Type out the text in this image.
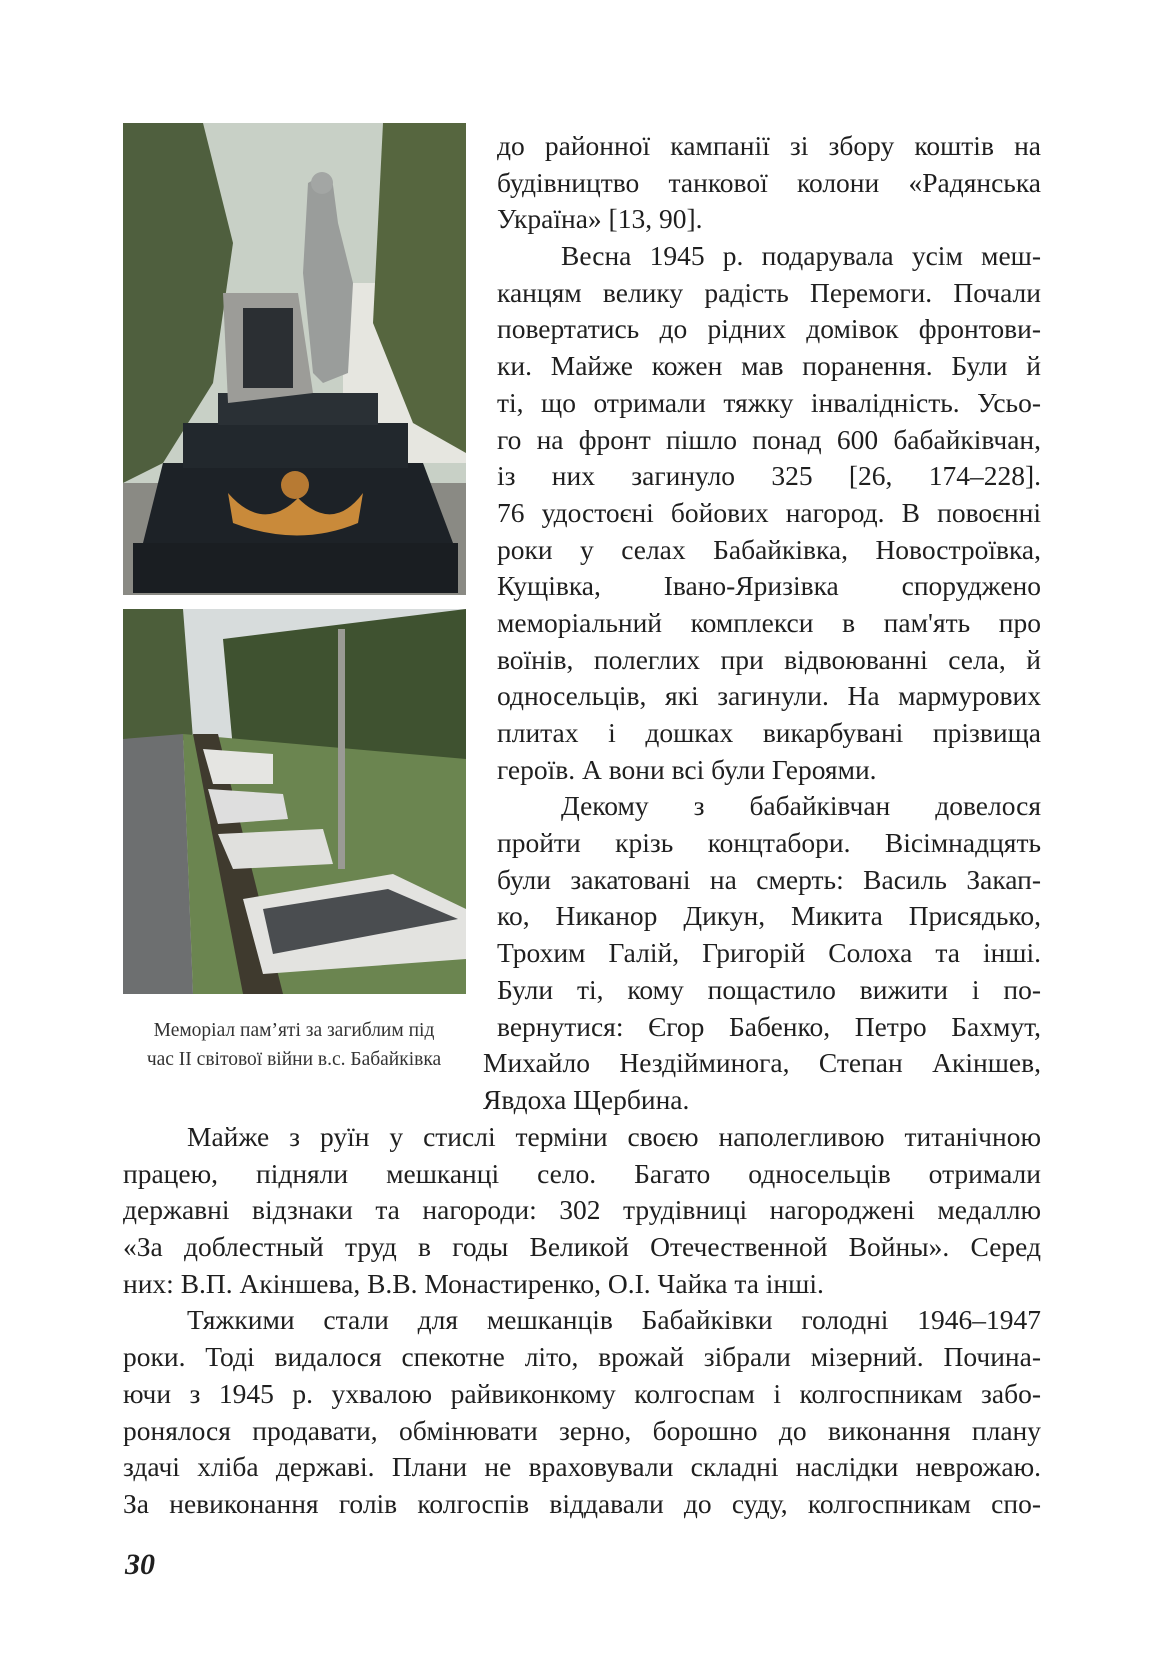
Меморіал пам’яті за загиблим під
час ІІ світової війни в.с. Бабайківка
до районної кампанії зі збору коштів на
будівництво танкової колони «Радянська
Україна» [13, 90].
Весна 1945 р. подарувала усім меш-
канцям велику радість Перемоги. Почали
повертатись до рідних домівок фронтови-
ки. Майже кожен мав поранення. Були й
ті, що отримали тяжку інвалідність. Усьо-
го на фронт пішло понад 600 бабайківчан,
із них загинуло 325 [26, 174–228].
76 удостоєні бойових нагород. В повоєнні
роки у селах Бабайківка, Новостроївка,
Кущівка, Івано-Яризівка споруджено
меморіальний комплекси в пам'ять про
воїнів, полеглих при відвоюванні села, й
односельців, які загинули. На мармурових
плитах і дошках викарбувані прізвища
героїв. А вони всі були Героями.
Декому з бабайківчан довелося
пройти крізь концтабори. Вісімнадцять
були закатовані на смерть: Василь Закап-
ко, Никанор Дикун, Микита Присядько,
Трохим Галій, Григорій Солоха та інші.
Були ті, кому пощастило вижити і по-
вернутися: Єгор Бабенко, Петро Бахмут,
Михайло Нездійминога, Степан Акіншев,
Явдоха Щербина.
Майже з руїн у стислі терміни своєю наполегливою титанічною
працею, підняли мешканці село. Багато односельців отримали
державні відзнаки та нагороди: 302 трудівниці нагороджені медаллю
«За доблестный труд в годы Великой Отечественной Войны». Серед
них: В.П. Акіншева, В.В. Монастиренко, О.І. Чайка та інші.
Тяжкими стали для мешканців Бабайківки голодні 1946–1947
роки. Тоді видалося спекотне літо, врожай зібрали мізерний. Почина-
ючи з 1945 р. ухвалою райвиконкому колгоспам і колгоспникам забо-
ронялося продавати, обмінювати зерно, борошно до виконання плану
здачі хліба державі. Плани не враховували складні наслідки неврожаю.
За невиконання голів колгоспів віддавали до суду, колгоспникам спо-
30
